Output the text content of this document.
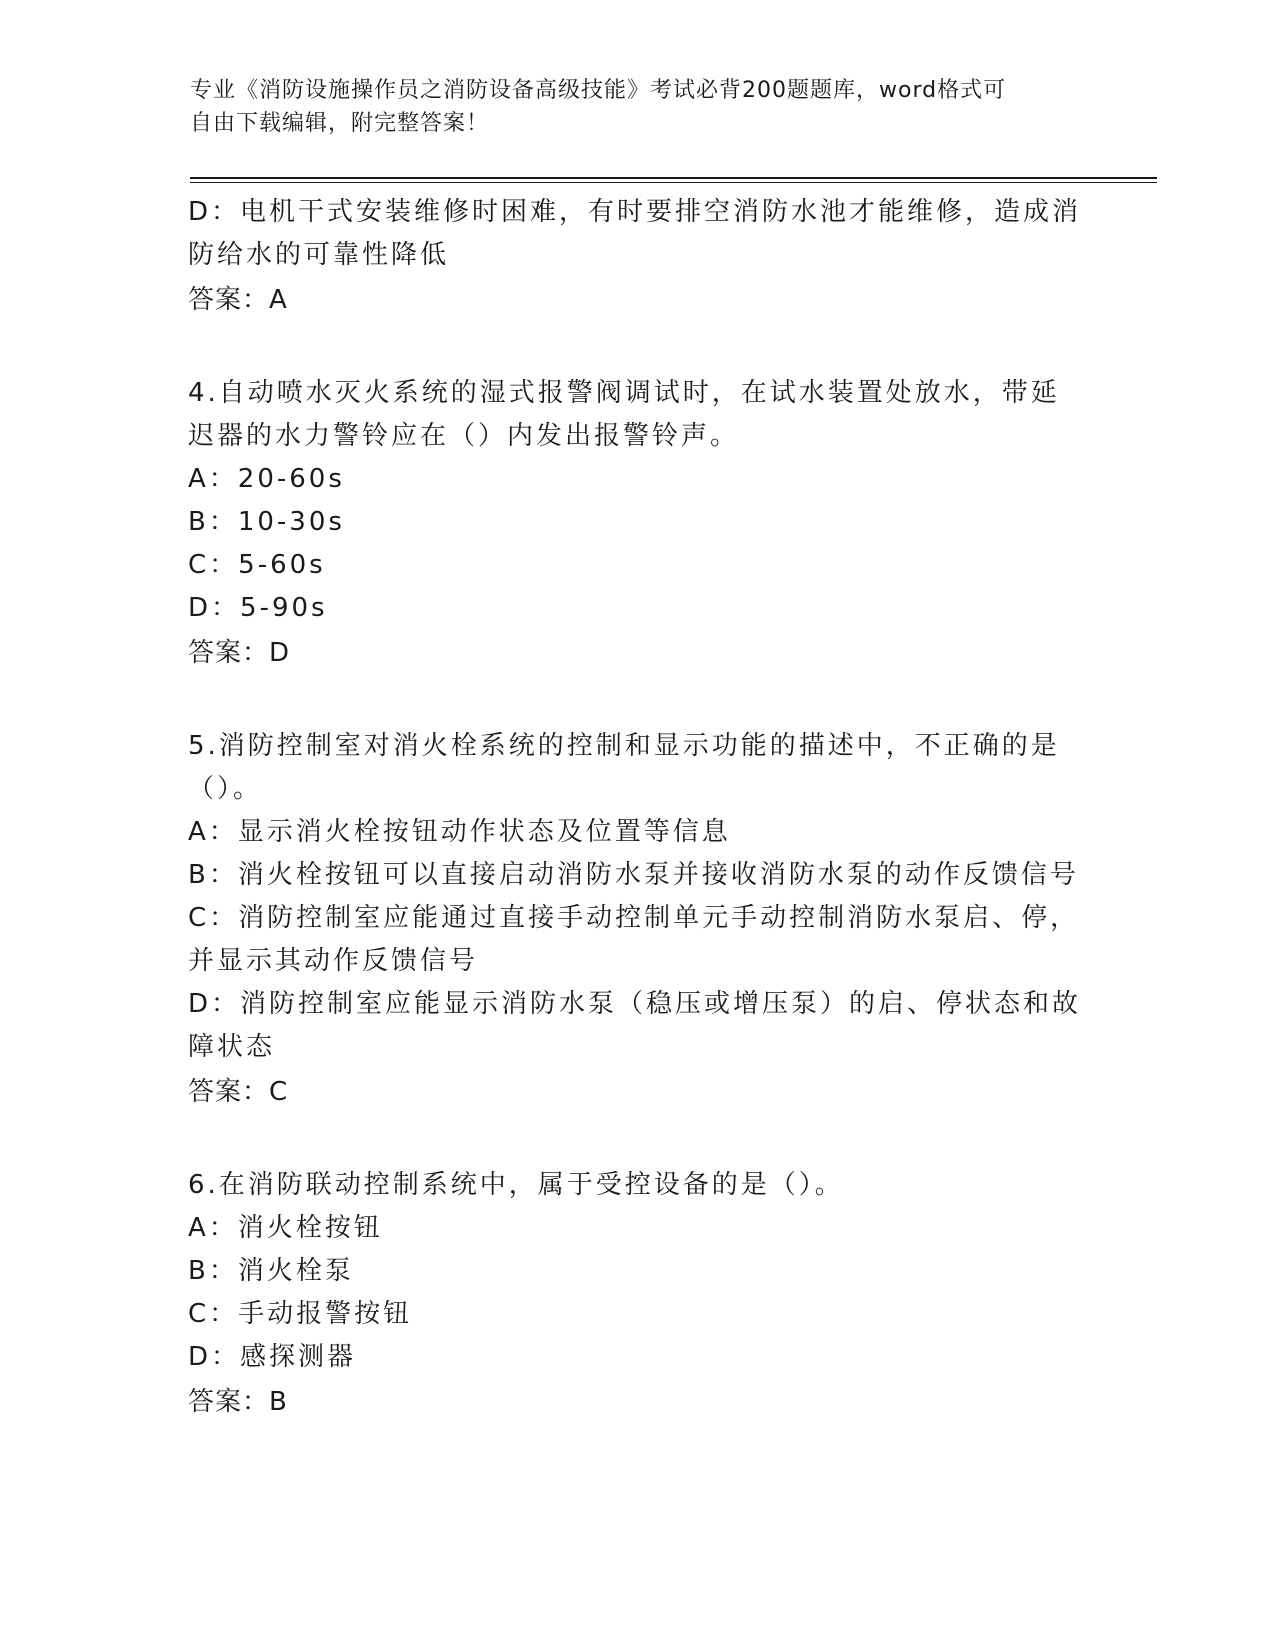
专业《消防设施操作员之消防设备高级技能》考试必背200题题库，word格式可
自由下载编辑，附完整答案！
D：电机干式安装维修时困难，有时要排空消防水池才能维修，造成消
防给水的可靠性降低
答案：A
4.自动喷水灭火系统的湿式报警阀调试时，在试水装置处放水，带延
迟器的水力警铃应在（）内发出报警铃声。
A：20-60s
B：10-30s
C：5-60s
D：5-90s
答案：D
5.消防控制室对消火栓系统的控制和显示功能的描述中，不正确的是
（）。
A：显示消火栓按钮动作状态及位置等信息
B：消火栓按钮可以直接启动消防水泵并接收消防水泵的动作反馈信号
C：消防控制室应能通过直接手动控制单元手动控制消防水泵启、停，
并显示其动作反馈信号
D：消防控制室应能显示消防水泵（稳压或增压泵）的启、停状态和故
障状态
答案：C
6.在消防联动控制系统中，属于受控设备的是（）。
A：消火栓按钮
B：消火栓泵
C：手动报警按钮
D：感探测器
答案：B
